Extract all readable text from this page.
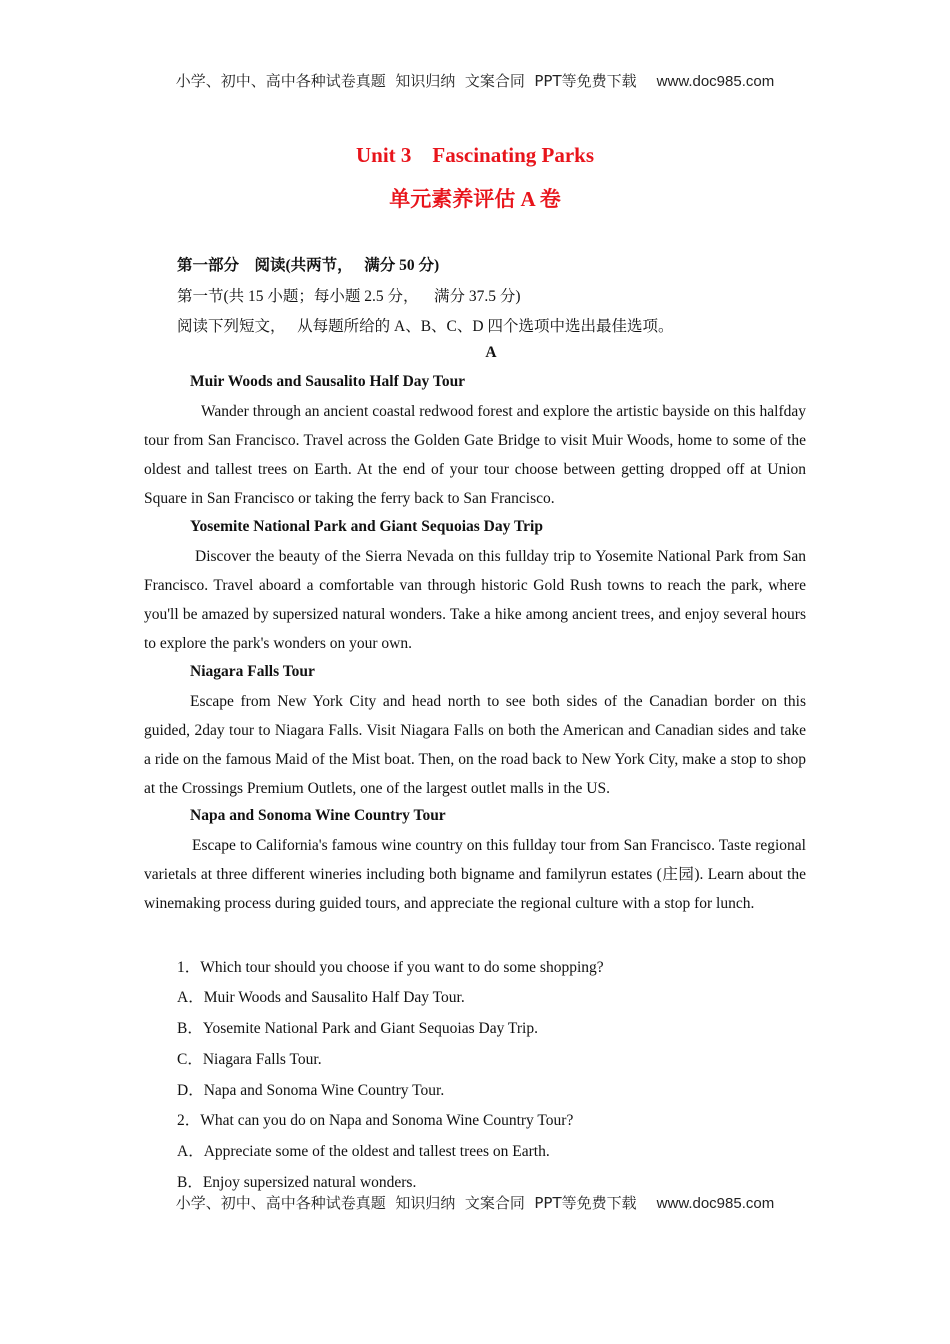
小学、初中、高中各种试卷真题  知识归纳  文案合同  PPT等免费下载 www.doc985.com
Unit 3    Fascinating Parks
单元素养评估 A 卷
第一部分    阅读(共两节，   满分 50 分)
第一节(共 15 小题；每小题 2.5 分，    满分 37.5 分)
阅读下列短文，   从每题所给的 A、B、C、D 四个选项中选出最佳选项。
A
Muir Woods and Sausalito Half Day Tour
Wander through an ancient coastal redwood forest and explore the artistic bayside on this halfday tour from San Francisco. Travel across the Golden Gate Bridge to visit Muir Woods, home to some of the oldest and tallest trees on Earth. At the end of your tour choose between getting dropped off at Union Square in San Francisco or taking the ferry back to San Francisco.
Yosemite National Park and Giant Sequoias Day Trip
Discover the beauty of the Sierra Nevada on this fullday trip to Yosemite National Park from San Francisco. Travel aboard a comfortable van through historic Gold Rush towns to reach the park, where you'll be amazed by supersized natural wonders. Take a hike among ancient trees, and enjoy several hours to explore the park's wonders on your own.
Niagara Falls Tour
Escape from New York City and head north to see both sides of the Canadian border on this guided, 2day tour to Niagara Falls. Visit Niagara Falls on both the American and Canadian sides and take a ride on the famous Maid of the Mist boat. Then, on the road back to New York City, make a stop to shop at the Crossings Premium Outlets, one of the largest outlet malls in the US.
Napa and Sonoma Wine Country Tour
Escape to California's famous wine country on this fullday tour from San Francisco. Taste regional varietals at three different wineries including both bigname and familyrun estates (庄园). Learn about the winemaking process during guided tours, and appreciate the regional culture with a stop for lunch.
1．Which tour should you choose if you want to do some shopping?
A．Muir Woods and Sausalito Half Day Tour.
B．Yosemite National Park and Giant Sequoias Day Trip.
C．Niagara Falls Tour.
D．Napa and Sonoma Wine Country Tour.
2．What can you do on Napa and Sonoma Wine Country Tour?
A．Appreciate some of the oldest and tallest trees on Earth.
B．Enjoy supersized natural wonders.
小学、初中、高中各种试卷真题  知识归纳  文案合同  PPT等免费下载 www.doc985.com
